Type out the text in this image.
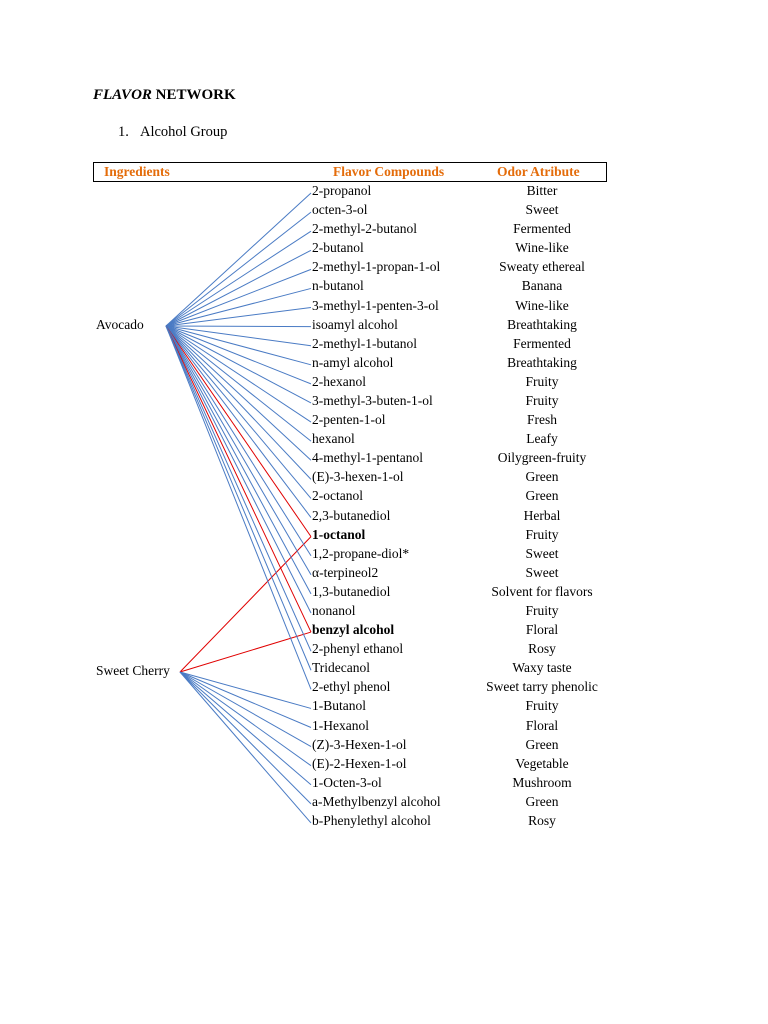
FLAVOR NETWORK
1. Alcohol Group
Ingredients	Flavor Compounds	Odor Atribute
Avocado
Sweet Cherry
2-propanol	Bitter
octen-3-ol	Sweet
2-methyl-2-butanol	Fermented
2-butanol	Wine-like
2-methyl-1-propan-1-ol	Sweaty ethereal
n-butanol	Banana
3-methyl-1-penten-3-ol	Wine-like
isoamyl alcohol	Breathtaking
2-methyl-1-butanol	Fermented
n-amyl alcohol	Breathtaking
2-hexanol	Fruity
3-methyl-3-buten-1-ol	Fruity
2-penten-1-ol	Fresh
hexanol	Leafy
4-methyl-1-pentanol	Oilygreen-fruity
(E)-3-hexen-1-ol	Green
2-octanol	Green
2,3-butanediol	Herbal
1-octanol	Fruity
1,2-propane-diol*	Sweet
α-terpineol2	Sweet
1,3-butanediol	Solvent for flavors
nonanol	Fruity
benzyl alcohol	Floral
2-phenyl ethanol	Rosy
Tridecanol	Waxy taste
2-ethyl phenol	Sweet tarry phenolic
1-Butanol	Fruity
1-Hexanol	Floral
(Z)-3-Hexen-1-ol	Green
(E)-2-Hexen-1-ol	Vegetable
1-Octen-3-ol	Mushroom
a-Methylbenzyl alcohol	Green
b-Phenylethyl alcohol	Rosy
